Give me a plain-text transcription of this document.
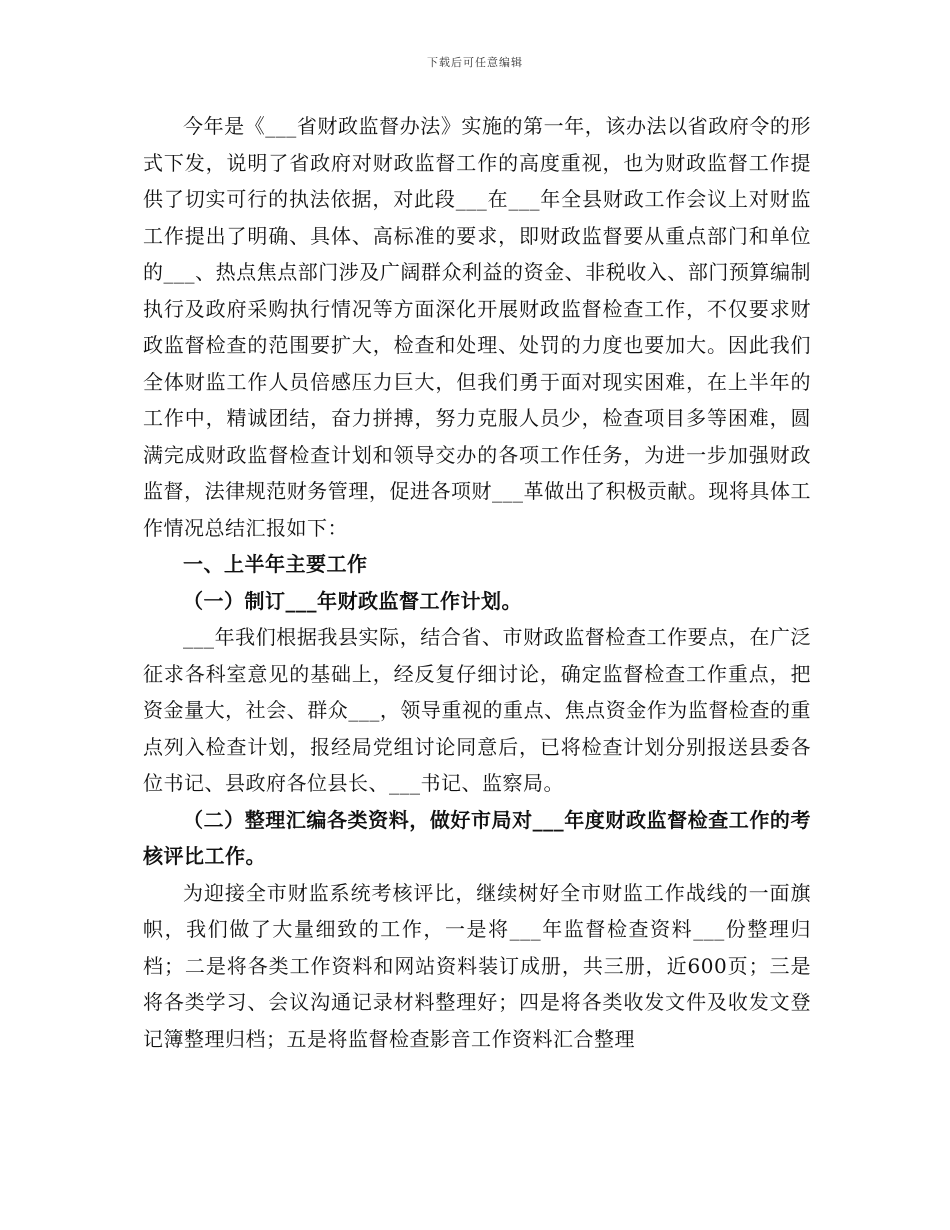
下载后可任意编辑

今年是《___省财政监督办法》实施的第一年，该办法以省政府令的形式下发，说明了省政府对财政监督工作的高度重视，也为财政监督工作提供了切实可行的执法依据，对此段___在___年全县财政工作会议上对财监工作提出了明确、具体、高标准的要求，即财政监督要从重点部门和单位的___、热点焦点部门涉及广阔群众利益的资金、非税收入、部门预算编制执行及政府采购执行情况等方面深化开展财政监督检查工作，不仅要求财政监督检查的范围要扩大，检查和处理、处罚的力度也要加大。因此我们全体财监工作人员倍感压力巨大，但我们勇于面对现实困难，在上半年的工作中，精诚团结，奋力拼搏，努力克服人员少，检查项目多等困难，圆满完成财政监督检查计划和领导交办的各项工作任务，为进一步加强财政监督，法律规范财务管理，促进各项财___革做出了积极贡献。现将具体工作情况总结汇报如下：

一、上半年主要工作

（一）制订___年财政监督工作计划。

___年我们根据我县实际，结合省、市财政监督检查工作要点，在广泛征求各科室意见的基础上，经反复仔细讨论，确定监督检查工作重点，把资金量大，社会、群众___，领导重视的重点、焦点资金作为监督检查的重点列入检查计划，报经局党组讨论同意后，已将检查计划分别报送县委各位书记、县政府各位县长、___书记、监察局。

（二）整理汇编各类资料，做好市局对___年度财政监督检查工作的考核评比工作。

为迎接全市财监系统考核评比，继续树好全市财监工作战线的一面旗帜，我们做了大量细致的工作，一是将___年监督检查资料___份整理归档；二是将各类工作资料和网站资料装订成册，共三册，近600页；三是将各类学习、会议沟通记录材料整理好；四是将各类收发文件及收发文登记簿整理归档；五是将监督检查影音工作资料汇合整理
